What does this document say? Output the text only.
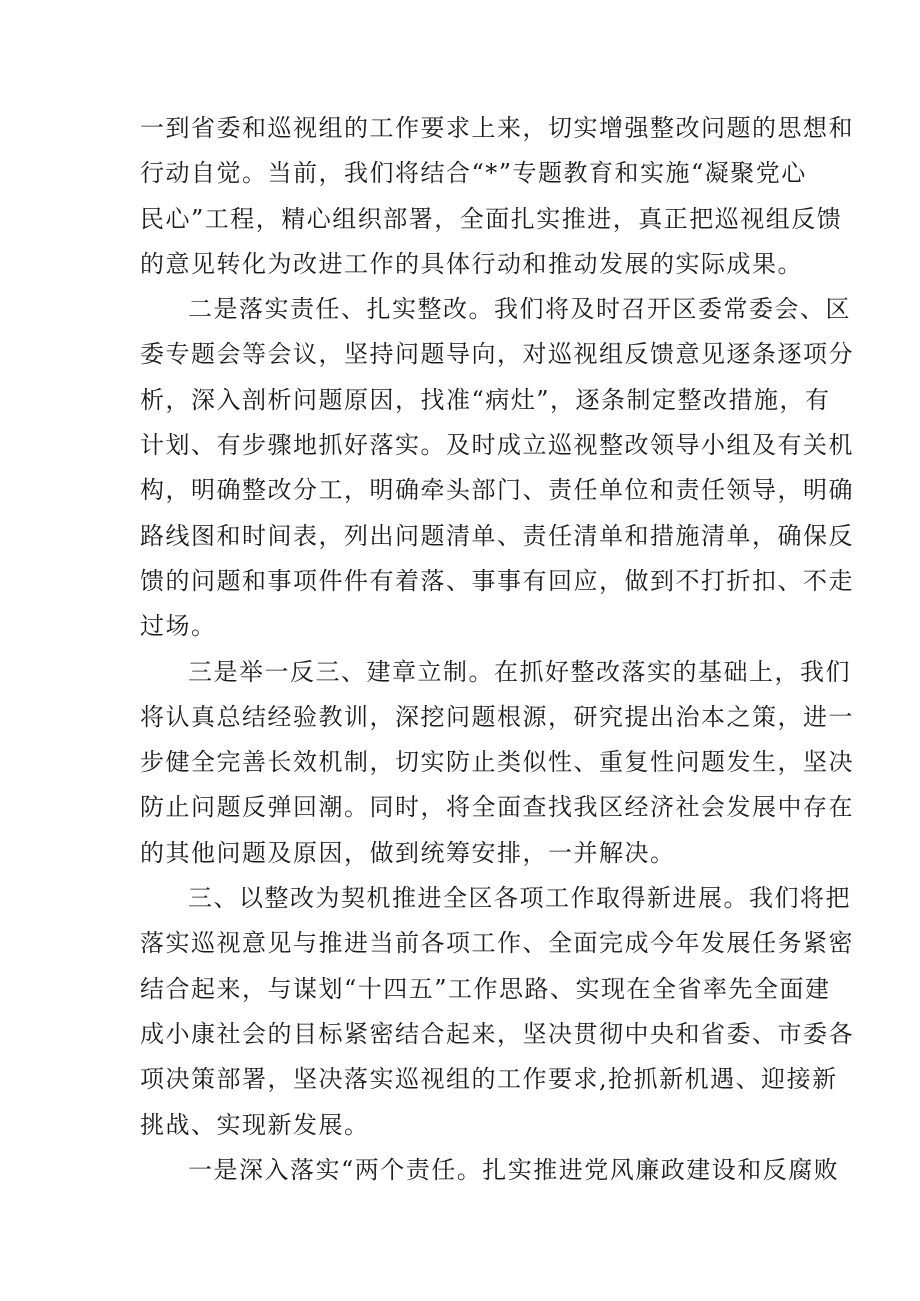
一到省委和巡视组的工作要求上来，切实增强整改问题的思想和
行动自觉。当前，我们将结合“*”专题教育和实施“凝聚党心
民心”工程，精心组织部署，全面扎实推进，真正把巡视组反馈
的意见转化为改进工作的具体行动和推动发展的实际成果。
二是落实责任、扎实整改。我们将及时召开区委常委会、区
委专题会等会议，坚持问题导向，对巡视组反馈意见逐条逐项分
析，深入剖析问题原因，找准“病灶”，逐条制定整改措施，有
计划、有步骤地抓好落实。及时成立巡视整改领导小组及有关机
构，明确整改分工，明确牵头部门、责任单位和责任领导，明确
路线图和时间表，列出问题清单、责任清单和措施清单，确保反
馈的问题和事项件件有着落、事事有回应，做到不打折扣、不走
过场。
三是举一反三、建章立制。在抓好整改落实的基础上，我们
将认真总结经验教训，深挖问题根源，研究提出治本之策，进一
步健全完善长效机制，切实防止类似性、重复性问题发生，坚决
防止问题反弹回潮。同时，将全面查找我区经济社会发展中存在
的其他问题及原因，做到统筹安排，一并解决。
三、以整改为契机推进全区各项工作取得新进展。我们将把
落实巡视意见与推进当前各项工作、全面完成今年发展任务紧密
结合起来，与谋划“十四五”工作思路、实现在全省率先全面建
成小康社会的目标紧密结合起来，坚决贯彻中央和省委、市委各
项决策部署，坚决落实巡视组的工作要求,抢抓新机遇、迎接新
挑战、实现新发展。
一是深入落实“两个责任。扎实推进党风廉政建设和反腐败
